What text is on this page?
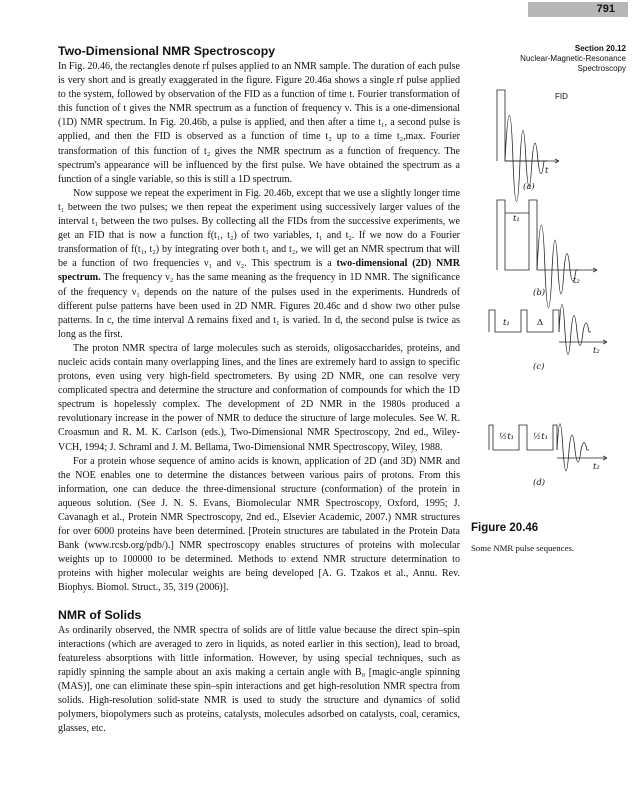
791
Section 20.12
Nuclear-Magnetic-Resonance
Spectroscopy
Two-Dimensional NMR Spectroscopy

In Fig. 20.46, the rectangles denote rf pulses applied to an NMR sample. The duration of each pulse is very short and is greatly exaggerated in the figure. Figure 20.46a shows a single rf pulse applied to the system, followed by observation of the FID as a function of time t. Fourier transformation of this function of t gives the NMR spectrum as a function of frequency ν. This is a one-dimensional (1D) NMR spectrum. In Fig. 20.46b, a pulse is applied, and then after a time t₁, a second pulse is applied, and then the FID is observed as a function of time t₂ up to a time t₂,max. Fourier transformation of this function of t₂ gives the NMR spectrum as a function of frequency. The spectrum's appearance will be influenced by the first pulse. We have obtained the spectrum as a function of a single variable, so this is still a 1D spectrum.

Now suppose we repeat the experiment in Fig. 20.46b, except that we use a slightly longer time t₁ between the two pulses; we then repeat the experiment using successively larger values of the interval t₁ between the two pulses. By collecting all the FIDs from the successive experiments, we get an FID that is now a function f(t₁, t₂) of two variables, t₁ and t₂. If we now do a Fourier transformation of f(t₁, t₂) by integrating over both t₁ and t₂, we will get an NMR spectrum that will be a function of two frequencies ν₁ and ν₂. This spectrum is a two-dimensional (2D) NMR spectrum. The frequency ν₂ has the same meaning as the frequency in 1D NMR. The significance of the frequency ν₁ depends on the nature of the pulses used in the experiments. Hundreds of different pulse patterns have been used in 2D NMR. Figures 20.46c and d show two other pulse patterns. In c, the time interval Δ remains fixed and t₁ is varied. In d, the second pulse is twice as long as the first.

The proton NMR spectra of large molecules such as steroids, oligosaccharides, proteins, and nucleic acids contain many overlapping lines, and the lines are extremely hard to assign to specific protons, even using very high-field spectrometers. By using 2D NMR, one can resolve very complicated spectra and determine the structure and conformation of compounds for which the 1D spectrum is hopelessly complex. The development of 2D NMR in the 1980s produced a revolutionary increase in the power of NMR to deduce the structure of large molecules. See W. R. Croasmun and R. M. K. Carlson (eds.), Two-Dimensional NMR Spectroscopy, 2nd ed., Wiley-VCH, 1994; J. Schraml and J. M. Bellama, Two-Dimensional NMR Spectroscopy, Wiley, 1988.

For a protein whose sequence of amino acids is known, application of 2D (and 3D) NMR and the NOE enables one to determine the distances between various pairs of protons. From this information, one can deduce the three-dimensional structure (conformation) of the protein in aqueous solution. (See J. N. S. Evans, Biomolecular NMR Spectroscopy, Oxford, 1995; J. Cavanagh et al., Protein NMR Spectroscopy, 2nd ed., Elsevier Academic, 2007.) NMR structures for over 6000 proteins have been determined. [Protein structures are tabulated in the Protein Data Bank (www.rcsb.org/pdb/).] NMR spectroscopy enables structures of proteins with molecular weights up to 100000 to be determined. Methods to extend NMR structure determination to proteins with higher molecular weights are being developed [A. G. Tzakos et al., Annu. Rev. Biophys. Biomol. Struct., 35, 319 (2006)].

NMR of Solids

As ordinarily observed, the NMR spectra of solids are of little value because the direct spin–spin interactions (which are averaged to zero in liquids, as noted earlier in this section), lead to broad, featureless absorptions with little information. However, by using special techniques, such as rapidly spinning the sample about an axis making a certain angle with B₀ [magic-angle spinning (MAS)], one can eliminate these spin–spin interactions and get high-resolution NMR spectra from solids. High-resolution solid-state NMR is used to study the structure and dynamics of solid polymers, biopolymers such as proteins, catalysts, molecules adsorbed on catalysts, coal, ceramics, glasses, etc.

FID
t
(a)
t₁
t₂
(b)
t₁	Δ
t₂
(c)
½t₁ ½t₁
t₂
(d)
Figure 20.46
Some NMR pulse sequences.
